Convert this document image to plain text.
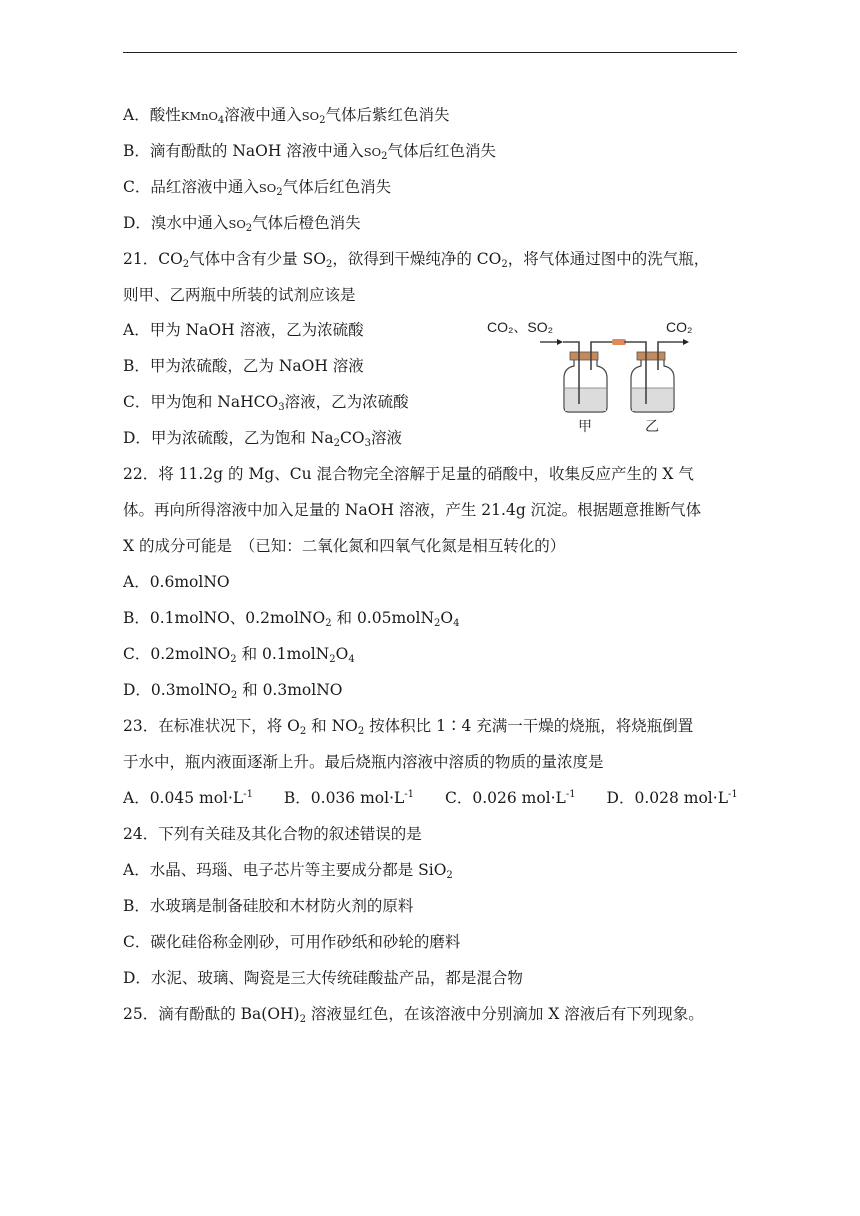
A．酸性KMnO$_4$溶液中通入$SO_2$气体后紫红色消失
B．滴有酚酞的 NaOH 溶液中通入$SO_2$气体后红色消失
C．品红溶液中通入$SO_2$气体后红色消失
D．溴水中通入$SO_2$气体后橙色消失
21．$CO_2$气体中含有少量 $SO_2$，欲得到干燥纯净的 $CO_2$，将气体通过图中的洗气瓶，
则甲、乙两瓶中所装的试剂应该是
A．甲为 NaOH 溶液，乙为浓硫酸
B．甲为浓硫酸，乙为 NaOH 溶液
C．甲为饱和 NaHCO$_3$溶液，乙为浓硫酸
D．甲为浓硫酸，乙为饱和 $Na_2CO_3$溶液
CO₂、SO₂	CO₂
甲	乙
22．将 11.2g 的 Mg、Cu 混合物完全溶解于足量的硝酸中，收集反应产生的 X 气
体。再向所得溶液中加入足量的 NaOH 溶液，产生 21.4g 沉淀。根据题意推断气体
X 的成分可能是　（已知：二氧化氮和四氧气化氮是相互转化的）
A．0.6molNO
B．0.1molNO、0.2molNO$_2$ 和 $0.05molN_2O_4$
C．0.2molNO$_2$ 和 $0.1molN_2O_4$
D．0.3molNO$_2$ 和 0.3molNO
23．在标准状况下，将 $O_2$ 和 $NO_2$ 按体积比 1∶4 充满一干燥的烧瓶，将烧瓶倒置
于水中，瓶内液面逐渐上升。最后烧瓶内溶液中溶质的物质的量浓度是
A．0.045 $mol\cdot L^{-1}$ B．0.036 $mol\cdot L^{-1}$ C．0.026 $mol\cdot L^{-1}$ D．0.028 $mol\cdot L^{-1}$
24．下列有关硅及其化合物的叙述错误的是
A．水晶、玛瑙、电子芯片等主要成分都是 SiO$_2$
B．水玻璃是制备硅胶和木材防火剂的原料
C．碳化硅俗称金刚砂，可用作砂纸和砂轮的磨料
D．水泥、玻璃、陶瓷是三大传统硅酸盐产品，都是混合物
25．滴有酚酞的 $Ba(OH)_2$ 溶液显红色，在该溶液中分别滴加 X 溶液后有下列现象。
